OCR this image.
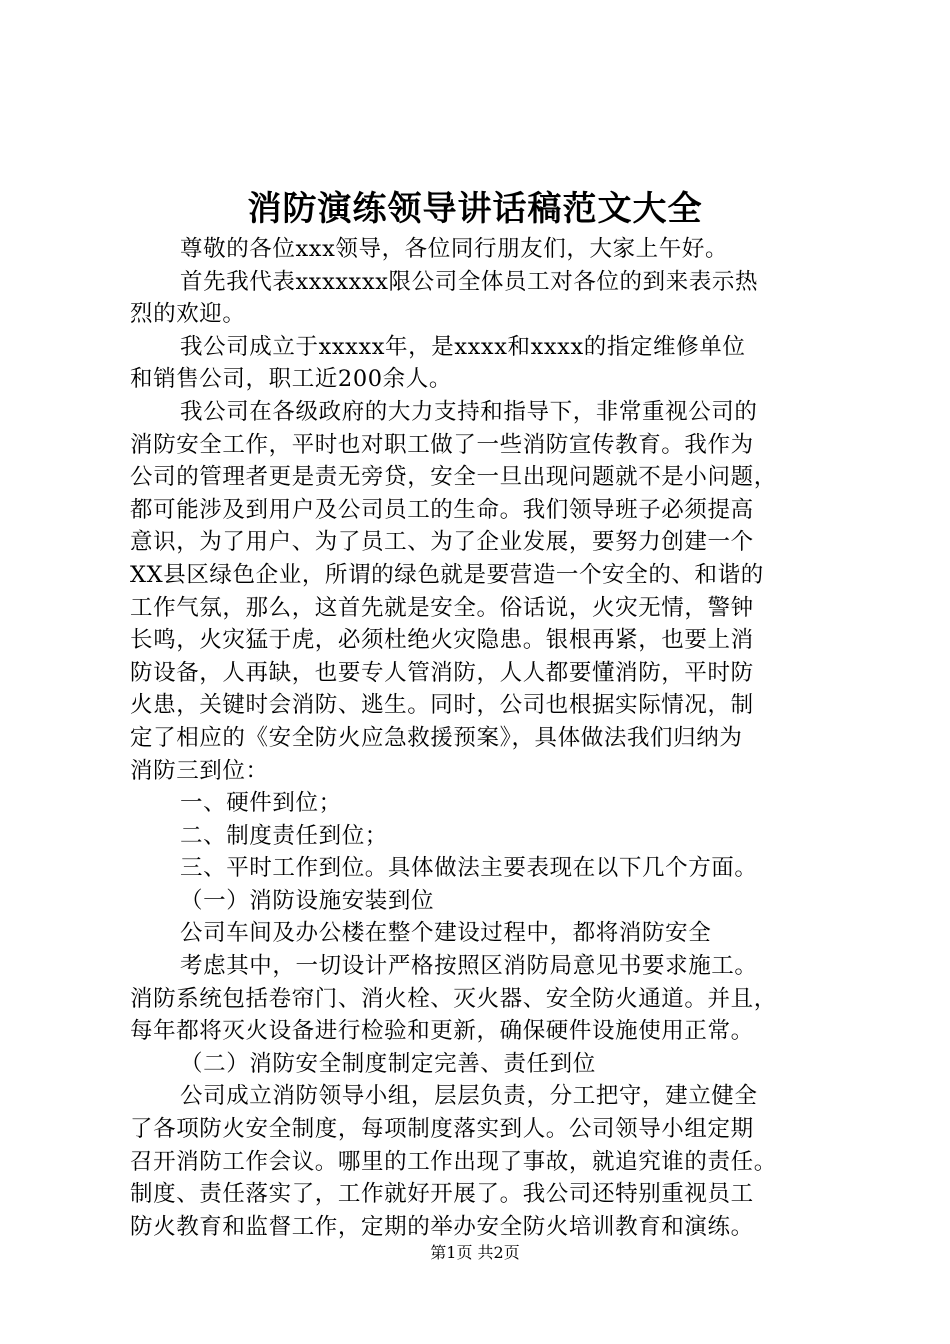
消防演练领导讲话稿范文大全
尊敬的各位xxx领导，各位同行朋友们，大家上午好。
首先我代表xxxxxxx限公司全体员工对各位的到来表示热
烈的欢迎。
我公司成立于xxxxx年，是xxxx和xxxx的指定维修单位
和销售公司，职工近200余人。
我公司在各级政府的大力支持和指导下，非常重视公司的
消防安全工作，平时也对职工做了一些消防宣传教育。我作为
公司的管理者更是责无旁贷，安全一旦出现问题就不是小问题，
都可能涉及到用户及公司员工的生命。我们领导班子必须提高
意识，为了用户、为了员工、为了企业发展，要努力创建一个
XX县区绿色企业，所谓的绿色就是要营造一个安全的、和谐的
工作气氛，那么，这首先就是安全。俗话说，火灾无情，警钟
长鸣，火灾猛于虎，必须杜绝火灾隐患。银根再紧，也要上消
防设备，人再缺，也要专人管消防，人人都要懂消防，平时防
火患，关键时会消防、逃生。同时，公司也根据实际情况，制
定了相应的《安全防火应急救援预案》，具体做法我们归纳为
消防三到位：
一、硬件到位；
二、制度责任到位；
三、平时工作到位。具体做法主要表现在以下几个方面。
（一）消防设施安装到位
公司车间及办公楼在整个建设过程中，都将消防安全
考虑其中，一切设计严格按照区消防局意见书要求施工。
消防系统包括卷帘门、消火栓、灭火器、安全防火通道。并且，
每年都将灭火设备进行检验和更新，确保硬件设施使用正常。
（二）消防安全制度制定完善、责任到位
公司成立消防领导小组，层层负责，分工把守，建立健全
了各项防火安全制度，每项制度落实到人。公司领导小组定期
召开消防工作会议。哪里的工作出现了事故，就追究谁的责任。
制度、责任落实了，工作就好开展了。我公司还特别重视员工
防火教育和监督工作，定期的举办安全防火培训教育和演练。
第1页 共2页
